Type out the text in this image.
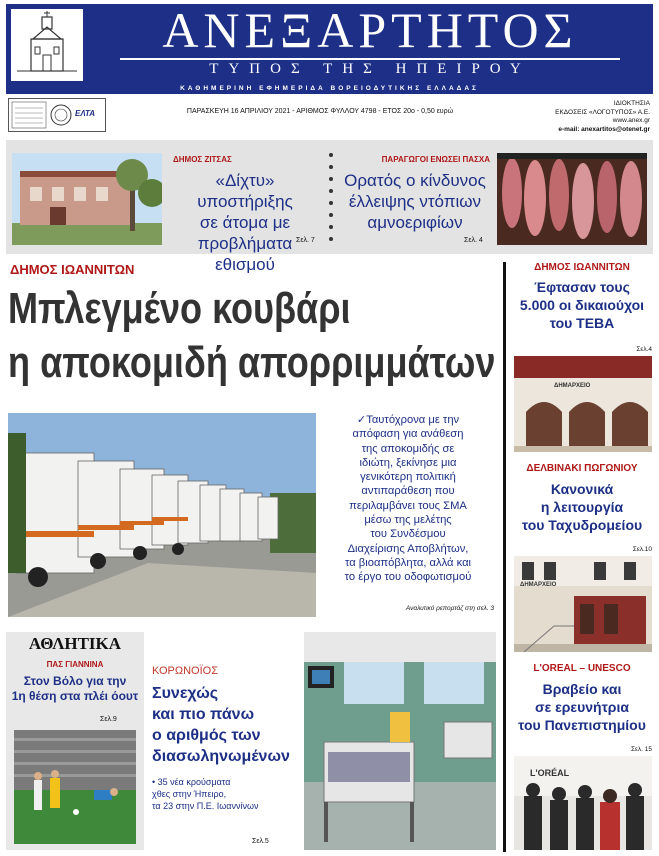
ΑΝΕΞΑΡΤΗΤΟΣ
ΤΥΠΟΣ ΤΗΣ ΗΠΕΙΡΟΥ
ΚΑΘΗΜΕΡΙΝΗ ΕΦΗΜΕΡΙΔΑ ΒΟΡΕΙΟΔΥΤΙΚΗΣ ΕΛΛΑΔΑΣ
ΕΛΤΑ	ΠΑΡΑΣΚΕΥΗ 16 ΑΠΡΙΛΙΟΥ 2021 - ΑΡΙΘΜΟΣ ΦΥΛΛΟΥ 4798 - ΕΤΟΣ 20ο - 0,50 ευρώ
ΙΔΙΟΚΤΗΣΙΑ
ΕΚΔΟΣΕΙΣ «ΛΟΓΟΤΥΠΟΣ» Α.Ε.
www.anex.gr
e-mail: anexartitos@otenet.gr
ΔΗΜΟΣ ΖΙΤΣΑΣ
«Δίχτυ» υποστήριξης
σε άτομα με
προβλήματα εθισμού
Σελ. 7
ΠΑΡΑΓΩΓΟΙ ΕΝΩΣΕΙ ΠΑΣΧΑ
Ορατός ο κίνδυνος
έλλειψης ντόπιων
αμνοεριφίων
Σελ. 4
ΔΗΜΟΣ ΙΩΑΝΝΙΤΩΝ
Μπλεγμένο κουβάρι
η αποκομιδή απορριμμάτων
✓Ταυτόχρονα με την
απόφαση για ανάθεση
της αποκομιδής σε
ιδιώτη, ξεκίνησε μια
γενικότερη πολιτική
αντιπαράθεση που
περιλαμβάνει τους ΣΜΑ
μέσω της μελέτης
του Συνδέσμου
Διαχείρισης Αποβλήτων,
τα βιοαπόβλητα, αλλά και
το έργο του οδοφωτισμού
Αναλυτικό ρεπορτάζ στη σελ. 3
ΔΗΜΟΣ ΙΩΑΝΝΙΤΩΝ
Έφτασαν τους
5.000 οι δικαιούχοι
του ΤΕΒΑ
Σελ.4
ΔΗΜΑΡΧΕΙΟ
ΔΕΛΒΙΝΑΚΙ ΠΩΓΩΝΙΟΥ
Κανονικά
η λειτουργία
του Ταχυδρομείου
Σελ.10
ΔΗΜΑΡΧΕΙΟ
L'OREAL – UNESCO
Βραβείο και
σε ερευνήτρια
του Πανεπιστημίου
Σελ. 15
L'ORÉAL
ΑΘΛΗΤΙΚΑ
ΠΑΣ ΓΙΑΝΝΙΝΑ
Στον Βόλο για την
1η θέση στα πλέι όουτ
Σελ.9
ΚΟΡΩΝΟΪΟΣ
Συνεχώς
και πιο πάνω
ο αριθμός των
διασωληνωμένων
• 35 νέα κρούσματα
χθες στην Ήπειρο,
τα 23 στην Π.Ε. Ιωαννίνων
Σελ.5
